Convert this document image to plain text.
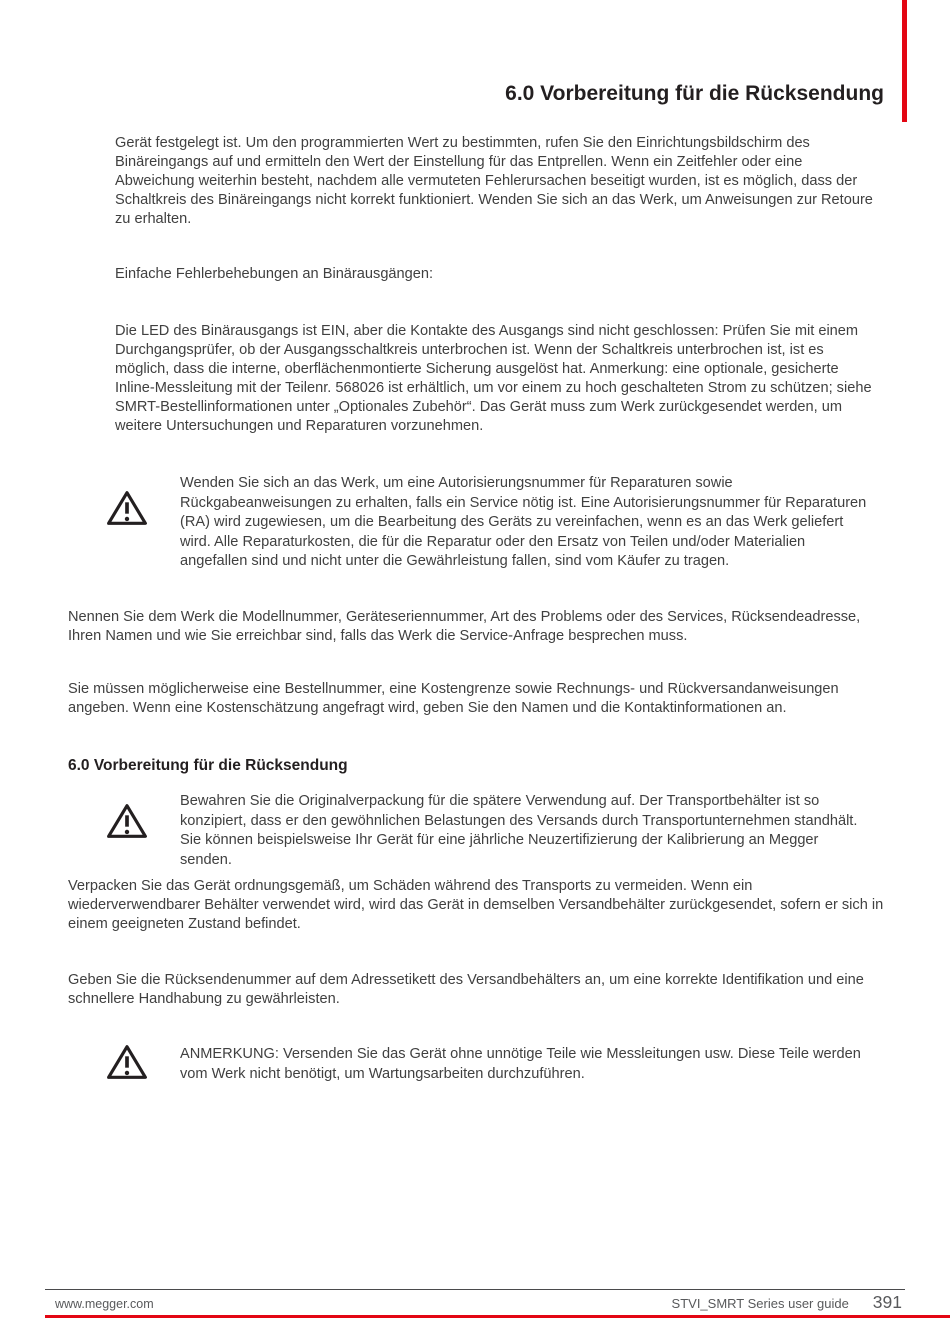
6.0 Vorbereitung für die Rücksendung

Gerät festgelegt ist. Um den programmierten Wert zu bestimmten, rufen Sie den Einrichtungsbildschirm des Binäreingangs auf und ermitteln den Wert der Einstellung für das Entprellen. Wenn ein Zeitfehler oder eine Abweichung weiterhin besteht, nachdem alle vermuteten Fehlerursachen beseitigt wurden, ist es möglich, dass der Schaltkreis des Binäreingangs nicht korrekt funktioniert. Wenden Sie sich an das Werk, um Anweisungen zur Retoure zu erhalten.

Einfache Fehlerbehebungen an Binärausgängen:

Die LED des Binärausgangs ist EIN, aber die Kontakte des Ausgangs sind nicht geschlossen: Prüfen Sie mit einem Durchgangsprüfer, ob der Ausgangsschaltkreis unterbrochen ist. Wenn der Schaltkreis unterbrochen ist, ist es möglich, dass die interne, oberflächenmontierte Sicherung ausgelöst hat. Anmerkung: eine optionale, gesicherte Inline-Messleitung mit der Teilenr. 568026 ist erhältlich, um vor einem zu hoch geschalteten Strom zu schützen; siehe SMRT-Bestellinformationen unter „Optionales Zubehör“. Das Gerät muss zum Werk zurückgesendet werden, um weitere Untersuchungen und Reparaturen vorzunehmen.

Wenden Sie sich an das Werk, um eine Autorisierungsnummer für Reparaturen sowie Rückgabeanweisungen zu erhalten, falls ein Service nötig ist. Eine Autorisierungsnummer für Reparaturen (RA) wird zugewiesen, um die Bearbeitung des Geräts zu vereinfachen, wenn es an das Werk geliefert wird. Alle Reparaturkosten, die für die Reparatur oder den Ersatz von Teilen und/oder Materialien angefallen sind und nicht unter die Gewährleistung fallen, sind vom Käufer zu tragen.

Nennen Sie dem Werk die Modellnummer, Geräteseriennummer, Art des Problems oder des Services, Rücksendeadresse, Ihren Namen und wie Sie erreichbar sind, falls das Werk die Service-Anfrage besprechen muss.

Sie müssen möglicherweise eine Bestellnummer, eine Kostengrenze sowie Rechnungs- und Rückversandanweisungen angeben. Wenn eine Kostenschätzung angefragt wird, geben Sie den Namen und die Kontaktinformationen an.

6.0 Vorbereitung für die Rücksendung

Bewahren Sie die Originalverpackung für die spätere Verwendung auf. Der Transportbehälter ist so konzipiert, dass er den gewöhnlichen Belastungen des Versands durch Transportunternehmen standhält. Sie können beispielsweise Ihr Gerät für eine jährliche Neuzertifizierung der Kalibrierung an Megger senden.

Verpacken Sie das Gerät ordnungsgemäß, um Schäden während des Transports zu vermeiden. Wenn ein wiederverwendbarer Behälter verwendet wird, wird das Gerät in demselben Versandbehälter zurückgesendet, sofern er sich in einem geeigneten Zustand befindet.

Geben Sie die Rücksendenummer auf dem Adressetikett des Versandbehälters an, um eine korrekte Identifikation und eine schnellere Handhabung zu gewährleisten.

ANMERKUNG: Versenden Sie das Gerät ohne unnötige Teile wie Messleitungen usw. Diese Teile werden vom Werk nicht benötigt, um Wartungsarbeiten durchzuführen.

www.megger.com	STVI_SMRT Series user guide 391
